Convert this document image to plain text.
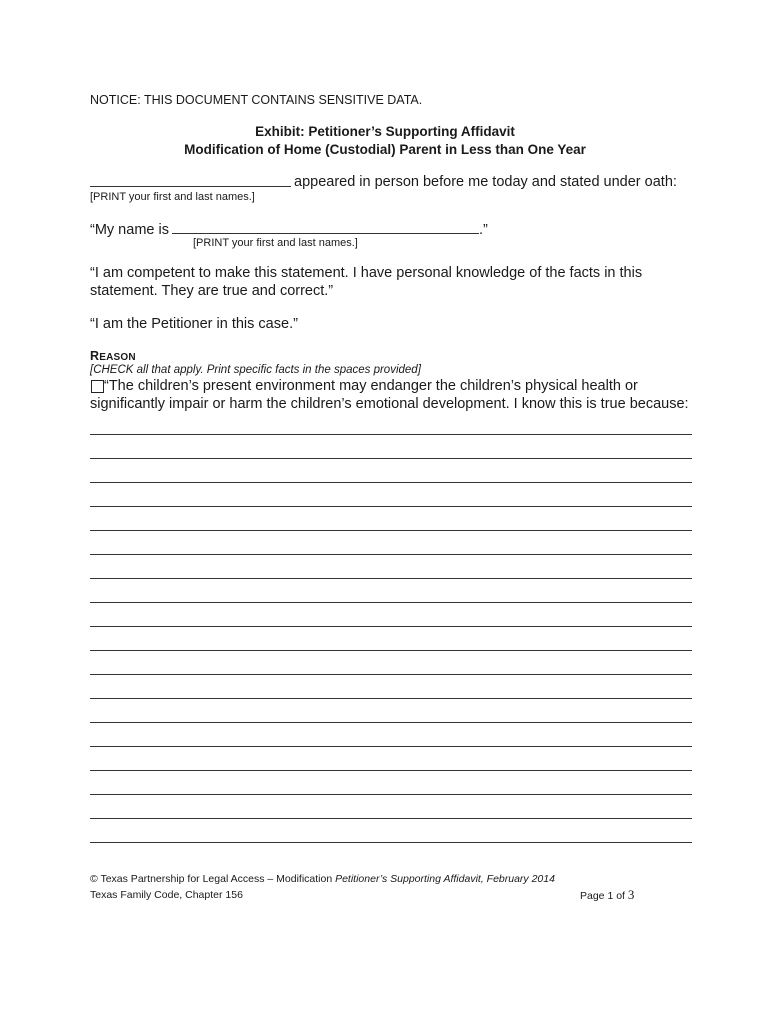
NOTICE: THIS DOCUMENT CONTAINS SENSITIVE DATA.
Exhibit: Petitioner’s Supporting Affidavit
Modification of Home (Custodial) Parent in Less than One Year
appeared in person before me today and stated under oath:
[PRINT your first and last names.]
“My name is	.”
[PRINT your first and last names.]
“I am competent to make this statement. I have personal knowledge of the facts in this
statement. They are true and correct.”
“I am the Petitioner in this case.”
REASON
[CHECK all that apply. Print specific facts in the spaces provided]
“The children’s present environment may endanger the children’s physical health or
significantly impair or harm the children’s emotional development. I know this is true because:
© Texas Partnership for Legal Access – Modification Petitioner’s Supporting Affidavit, February 2014
Texas Family Code, Chapter 156	Page 1 of 3
